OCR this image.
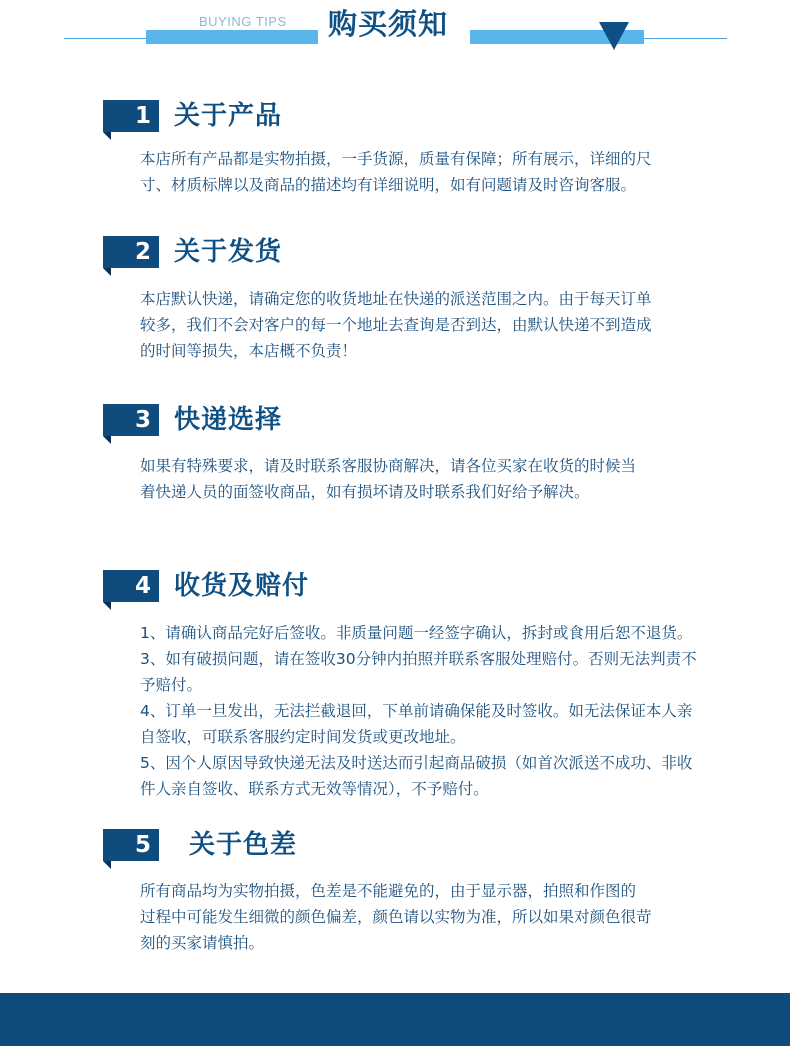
BUYING TIPS 购买须知
1 关于产品

本店所有产品都是实物拍摄，一手货源，质量有保障；所有展示，详细的尺

寸、材质标牌以及商品的描述均有详细说明，如有问题请及时咨询客服。

2 关于发货

本店默认快递，请确定您的收货地址在快递的派送范围之内。由于每天订单

较多，我们不会对客户的每一个地址去查询是否到达，由默认快递不到造成

的时间等损失，本店概不负责！

3 快递选择

如果有特殊要求，请及时联系客服协商解决，请各位买家在收货的时候当

着快递人员的面签收商品，如有损坏请及时联系我们好给予解决。

4 收货及赔付

1、请确认商品完好后签收。非质量问题一经签字确认，拆封或食用后恕不退货。

3、如有破损问题，请在签收30分钟内拍照并联系客服处理赔付。否则无法判责不

予赔付。

4、订单一旦发出，无法拦截退回，下单前请确保能及时签收。如无法保证本人亲

自签收，可联系客服约定时间发货或更改地址。

5、因个人原因导致快递无法及时送达而引起商品破损（如首次派送不成功、非收

件人亲自签收、联系方式无效等情况），不予赔付。

5	关于色差

所有商品均为实物拍摄，色差是不能避免的，由于显示器，拍照和作图的

过程中可能发生细微的颜色偏差，颜色请以实物为准，所以如果对颜色很苛

刻的买家请慎拍。
